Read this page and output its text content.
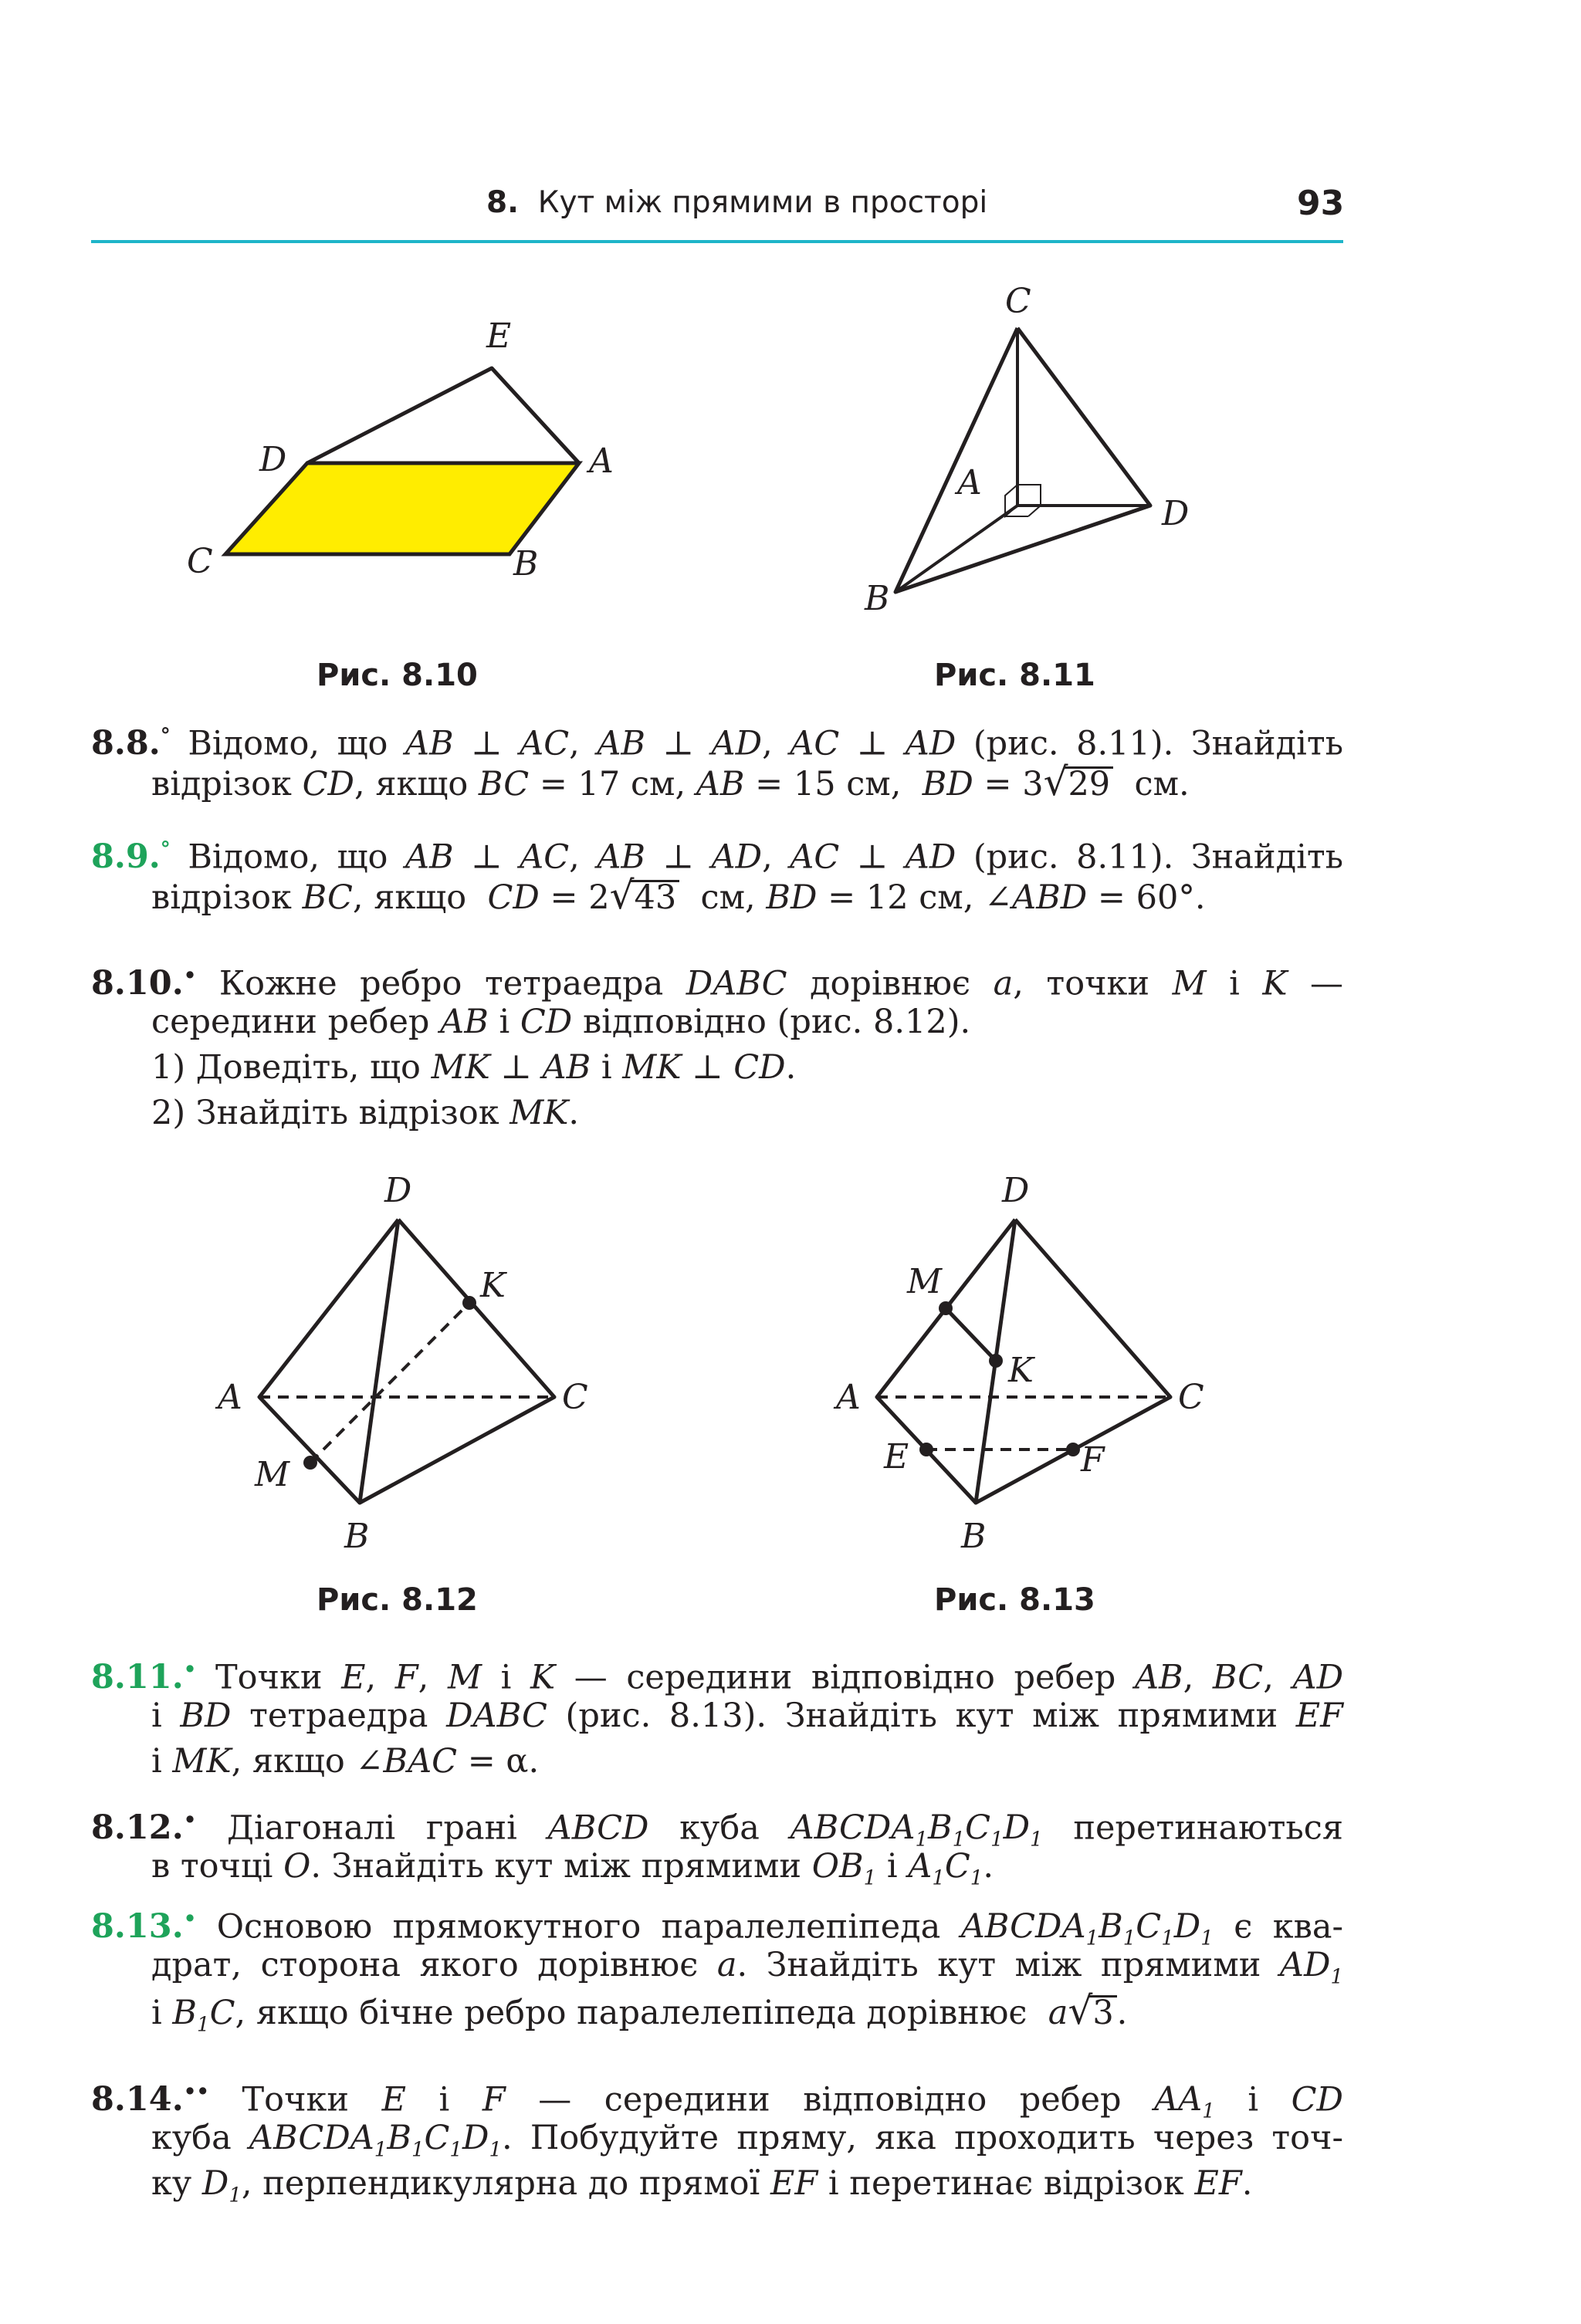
8. Кут між прямими в просторі	93
E
D	A
C	B
Рис. 8.10
C
A
D
B
Рис. 8.11
8.8.° Відомо, що AB ⊥ AC, AB ⊥ AD, AC ⊥ AD (рис. 8.11). Знайдіть
відрізок CD, якщо BC = 17 см, AB = 15 см,  BD = 3√29  см.
8.9.° Відомо, що AB ⊥ AC, AB ⊥ AD, AC ⊥ AD (рис. 8.11). Знайдіть
відрізок BC, якщо  CD = 2√43  см, BD = 12 см, ∠ABD = 60°.
8.10.• Кожне ребро тетраедра DABC дорівнює a, точки M і K —
середини ребер AB і CD відповідно (рис. 8.12).
1) Доведіть, що MK ⊥ AB і MK ⊥ CD.
2) Знайдіть відрізок MK.
D
K
A	C
M
B
Рис. 8.12
D
M
K
A	C
E	F
B
Рис. 8.13
8.11.• Точки E, F, M і K — середини відповідно ребер AB, BC, AD
і BD тетраедра DABC (рис. 8.13). Знайдіть кут між прямими EF
і MK, якщо ∠BAC = α.
8.12.• Діагоналі грані ABCD куба $ABCDA_1B_1C_1D_1$ перетинаються
в точці O. Знайдіть кут між прямими $OB_1$ і $A_1C_1$.
8.13.• Основою прямокутного паралелепіпеда $ABCDA_1B_1C_1D_1$ є ква-
драт, сторона якого дорівнює a. Знайдіть кут між прямими $AD_1$
і $B_1C$, якщо бічне ребро паралелепіпеда дорівнює  a√3.
8.14.•• Точки E і F — середини відповідно ребер $AA_1$ і CD
куба $ABCDA_1B_1C_1D_1$. Побудуйте пряму, яка проходить через точ-
ку $D_1$, перпендикулярна до прямої EF і перетинає відрізок EF.
